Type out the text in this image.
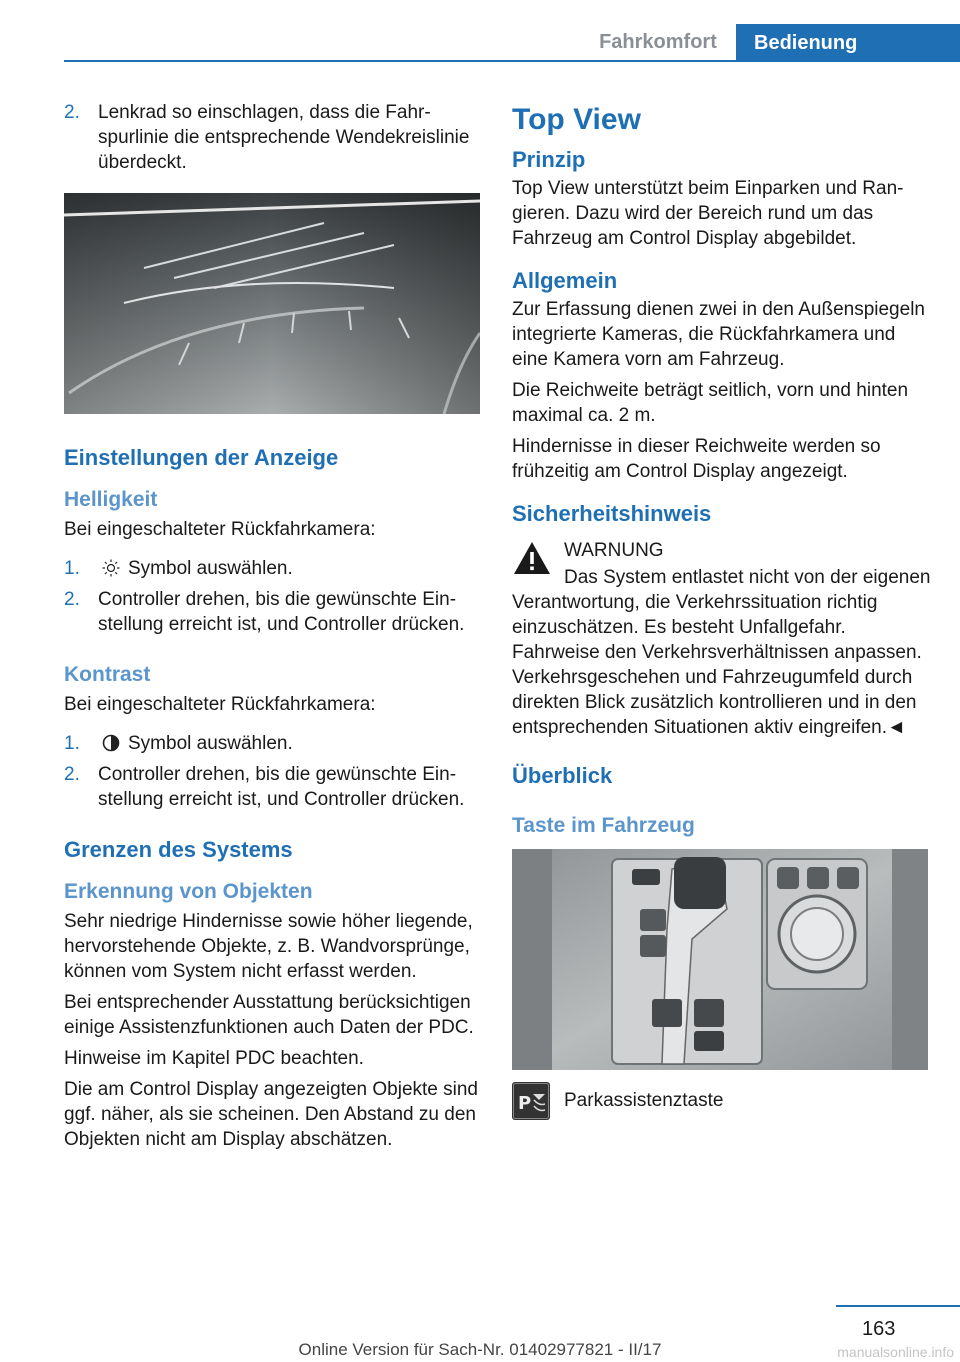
Fahrkomfort	Bedienung
2. Lenkrad so einschlagen, dass die Fahrspurlinie die entsprechende Wendekreislinie überdeckt.
Einstellungen der Anzeige
Helligkeit

Bei eingeschalteter Rückfahrkamera:

1.	Symbol auswählen.
2. Controller drehen, bis die gewünschte Einstellung erreicht ist, und Controller drücken.
Kontrast

Bei eingeschalteter Rückfahrkamera:

1.	Symbol auswählen.
2. Controller drehen, bis die gewünschte Einstellung erreicht ist, und Controller drücken.
Grenzen des Systems
Erkennung von Objekten

Sehr niedrige Hindernisse sowie höher liegende, hervorstehende Objekte, z. B. Wandvorsprünge, können vom System nicht erfasst werden.

Bei entsprechender Ausstattung berücksichtigen einige Assistenzfunktionen auch Daten der PDC.

Hinweise im Kapitel PDC beachten.

Die am Control Display angezeigten Objekte sind ggf. näher, als sie scheinen. Den Abstand zu den Objekten nicht am Display abschätzen.

Top View
Prinzip

Top View unterstützt beim Einparken und Rangieren. Dazu wird der Bereich rund um das Fahrzeug am Control Display abgebildet.

Allgemein

Zur Erfassung dienen zwei in den Außenspiegeln integrierte Kameras, die Rückfahrkamera und eine Kamera vorn am Fahrzeug.

Die Reichweite beträgt seitlich, vorn und hinten maximal ca. 2 m.

Hindernisse in dieser Reichweite werden so frühzeitig am Control Display angezeigt.

Sicherheitshinweis
WARNUNG
Das System entlastet nicht von der eigenen Verantwortung, die Verkehrssituation richtig einzuschätzen. Es besteht Unfallgefahr. Fahrweise den Verkehrsverhältnissen anpassen. Verkehrsgeschehen und Fahrzeugumfeld durch direkten Blick zusätzlich kontrollieren und in den entsprechenden Situationen aktiv eingreifen.◄
Überblick
Taste im Fahrzeug
P Parkassistenztaste
163
Online Version für Sach-Nr. 01402977821 - II/17	manualsonline.info
